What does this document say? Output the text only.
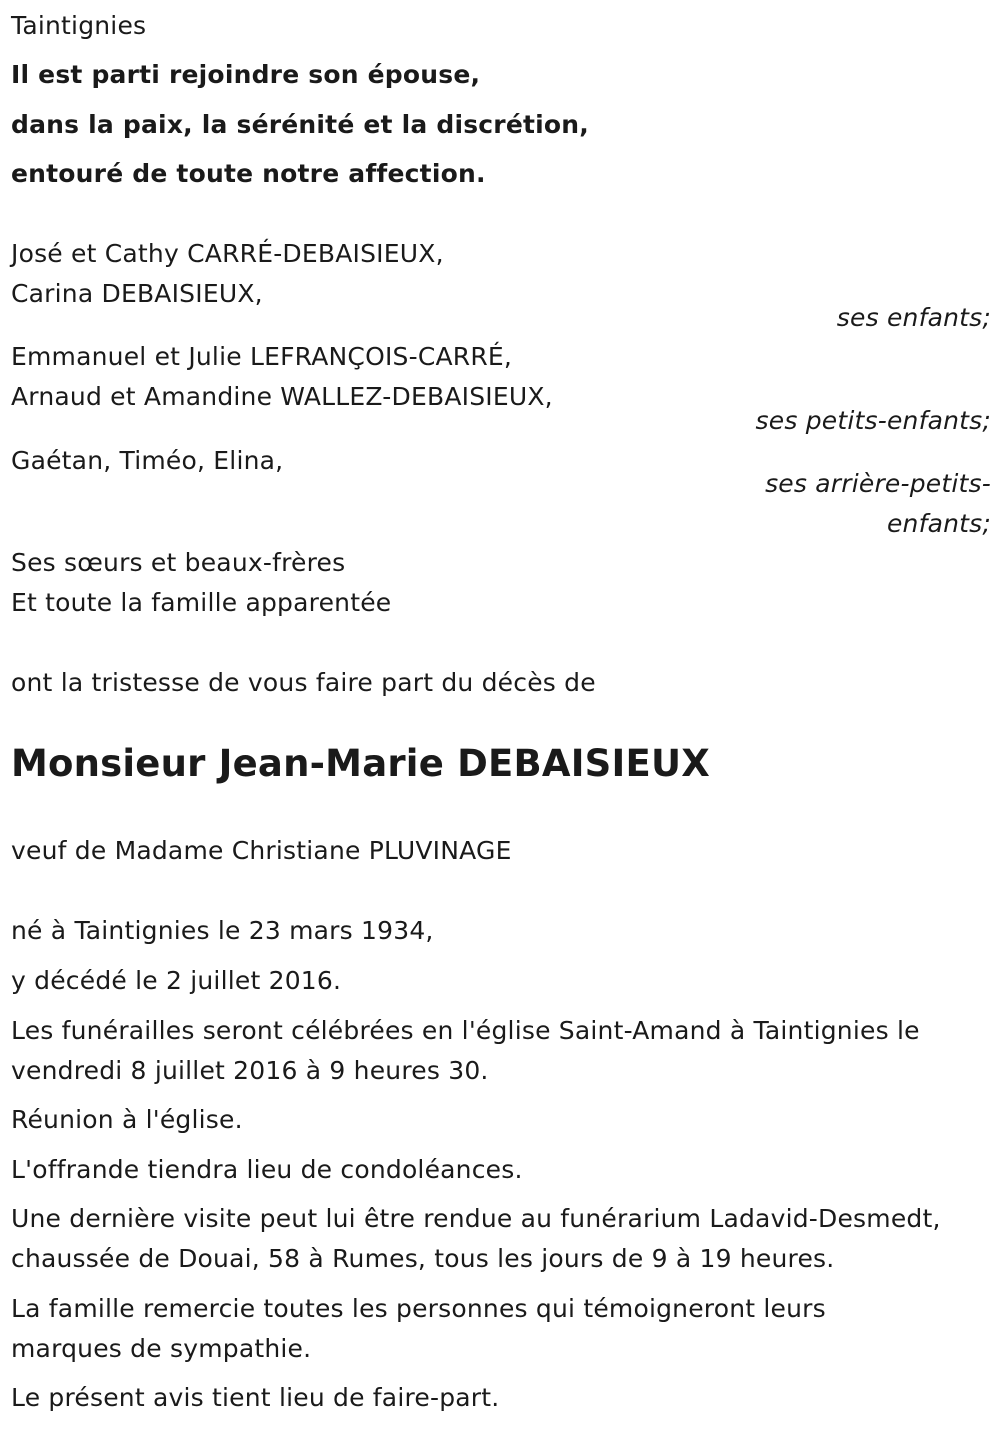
Taintignies
Il est parti rejoindre son épouse,
dans la paix, la sérénité et la discrétion,
entouré de toute notre affection.
José et Cathy CARRÉ-DEBAISIEUX,
Carina DEBAISIEUX,
ses enfants;
Emmanuel et Julie LEFRANÇOIS-CARRÉ,
Arnaud et Amandine WALLEZ-DEBAISIEUX,
ses petits-enfants;
Gaétan, Timéo, Elina,
ses arrière-petits-
enfants;
Ses sœurs et beaux-frères
Et toute la famille apparentée
ont la tristesse de vous faire part du décès de
Monsieur Jean-Marie DEBAISIEUX
veuf de Madame Christiane PLUVINAGE
né à Taintignies le 23 mars 1934,
y décédé le 2 juillet 2016.
Les funérailles seront célébrées en l'église Saint-Amand à Taintignies le
vendredi 8 juillet 2016 à 9 heures 30.
Réunion à l'église.
L'offrande tiendra lieu de condoléances.
Une dernière visite peut lui être rendue au funérarium Ladavid-Desmedt,
chaussée de Douai, 58 à Rumes, tous les jours de 9 à 19 heures.
La famille remercie toutes les personnes qui témoigneront leurs
marques de sympathie.
Le présent avis tient lieu de faire-part.
